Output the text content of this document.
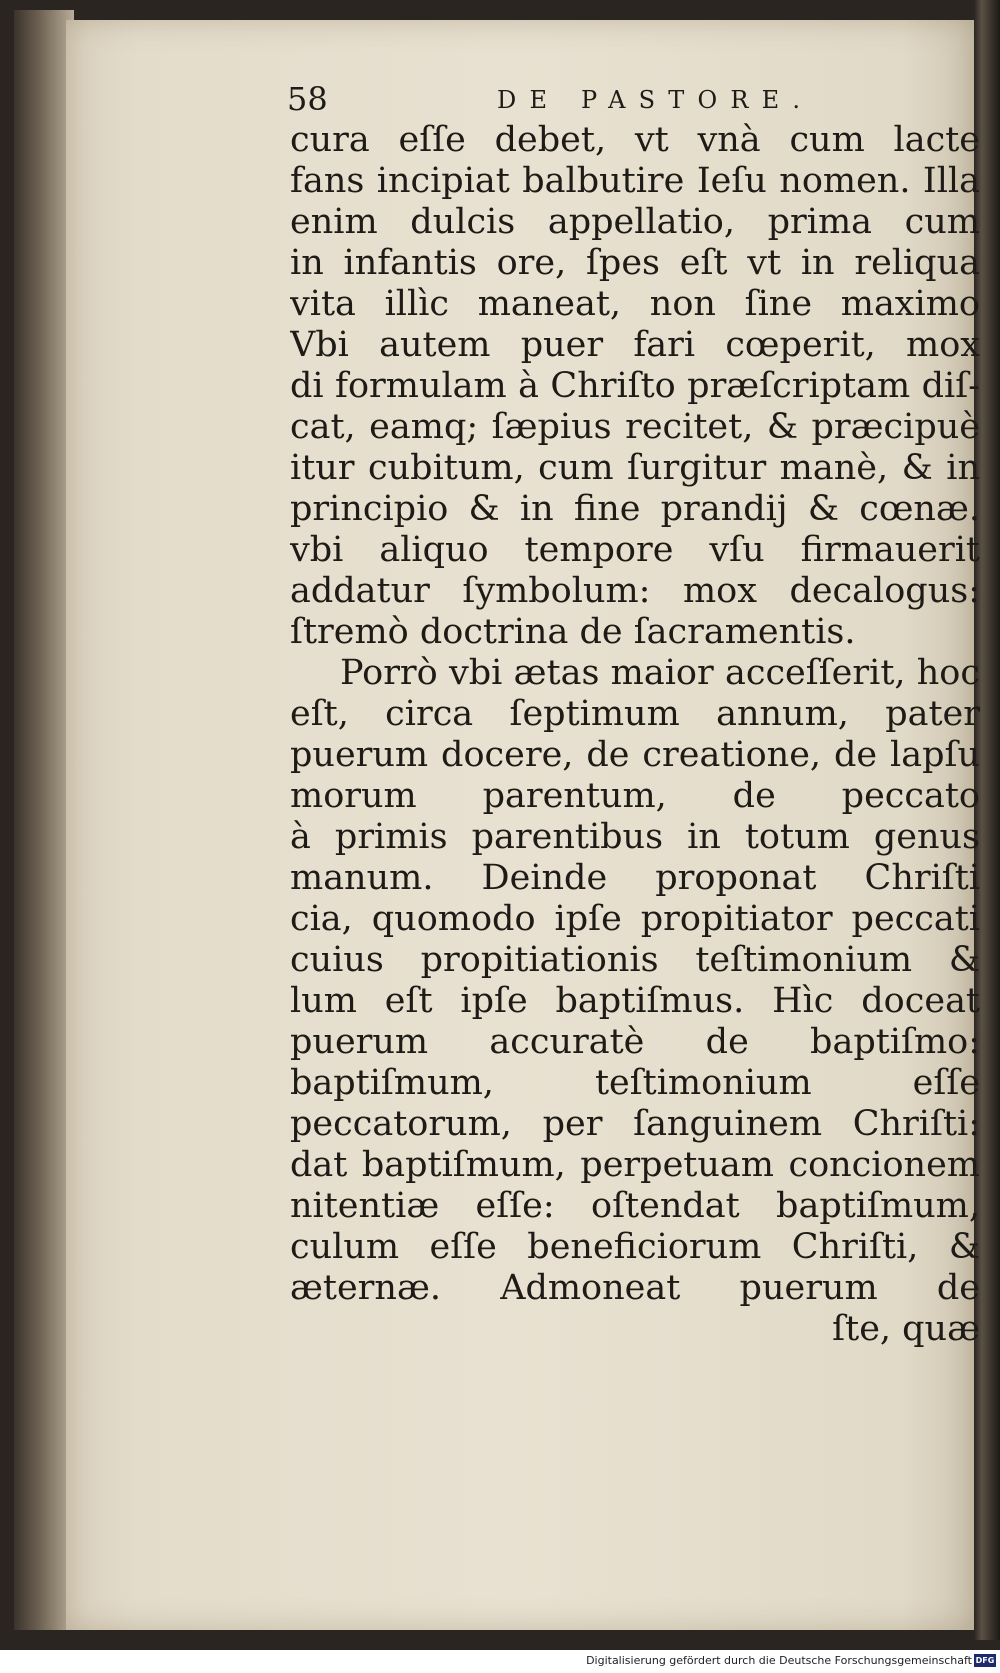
58	DE PASTORE.
cura eſſe debet, vt vnà cum lacte
fans incipiat balbutire Ieſu nomen. Illa
enim dulcis appellatio, prima cum
in infantis ore, ſpes eſt vt in reliqua
vita illìc maneat, non ſine maximo
Vbi autem puer fari cœperit, mox
di formulam à Chriſto præſcriptam diſ-
cat, eamq; ſæpius recitet, & præcipuè
itur cubitum, cum ſurgitur manè, & in
principio & in fine prandij & cœnæ.
vbi aliquo tempore vſu firmauerit
addatur ſymbolum: mox decalogus:
ſtremò doctrina de ſacramentis.
Porrò vbi ætas maior acceſſerit, hoc
eſt, circa ſeptimum annum, pater
puerum docere, de creatione, de lapſu
morum parentum, de peccato
à primis parentibus in totum genus
manum. Deinde proponat Chriſti
cia, quomodo ipſe propitiator peccati
cuius propitiationis teſtimonium &
lum eſt ipſe baptiſmus. Hìc doceat
puerum accuratè de baptiſmo:
baptiſmum, teſtimonium eſſe
peccatorum, per ſanguinem Chriſti:
dat baptiſmum, perpetuam concionem
nitentiæ eſſe: oſtendat baptiſmum,
culum eſſe beneficiorum Chriſti, &
æternæ. Admoneat puerum de
ſte, quæ
Digitalisierung gefördert durch die Deutsche Forschungsgemeinschaft DFG
